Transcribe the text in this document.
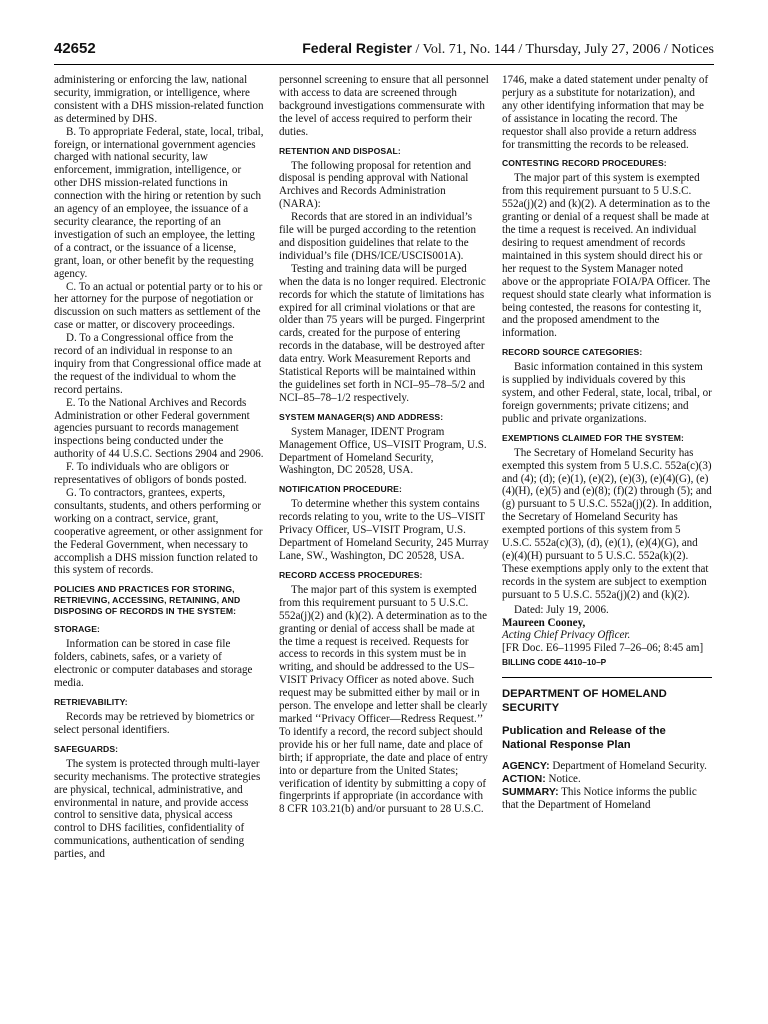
42652	Federal Register / Vol. 71, No. 144 / Thursday, July 27, 2006 / Notices

administering or enforcing the law, national security, immigration, or intelligence, where consistent with a DHS mission-related function as determined by DHS.

B. To appropriate Federal, state, local, tribal, foreign, or international government agencies charged with national security, law enforcement, immigration, intelligence, or other DHS mission-related functions in connection with the hiring or retention by such an agency of an employee, the issuance of a security clearance, the reporting of an investigation of such an employee, the letting of a contract, or the issuance of a license, grant, loan, or other benefit by the requesting agency.

C. To an actual or potential party or to his or her attorney for the purpose of negotiation or discussion on such matters as settlement of the case or matter, or discovery proceedings.

D. To a Congressional office from the record of an individual in response to an inquiry from that Congressional office made at the request of the individual to whom the record pertains.

E. To the National Archives and Records Administration or other Federal government agencies pursuant to records management inspections being conducted under the authority of 44 U.S.C. Sections 2904 and 2906.

F. To individuals who are obligors or representatives of obligors of bonds posted.

G. To contractors, grantees, experts, consultants, students, and others performing or working on a contract, service, grant, cooperative agreement, or other assignment for the Federal Government, when necessary to accomplish a DHS mission function related to this system of records.

POLICIES AND PRACTICES FOR STORING, RETRIEVING, ACCESSING, RETAINING, AND DISPOSING OF RECORDS IN THE SYSTEM:
STORAGE:

Information can be stored in case file folders, cabinets, safes, or a variety of electronic or computer databases and storage media.

RETRIEVABILITY:

Records may be retrieved by biometrics or select personal identifiers.

SAFEGUARDS:

The system is protected through multi-layer security mechanisms. The protective strategies are physical, technical, administrative, and environmental in nature, and provide access control to sensitive data, physical access control to DHS facilities, confidentiality of communications, authentication of sending parties, and

personnel screening to ensure that all personnel with access to data are screened through background investigations commensurate with the level of access required to perform their duties.

RETENTION AND DISPOSAL:

The following proposal for retention and disposal is pending approval with National Archives and Records Administration (NARA):

Records that are stored in an individual’s file will be purged according to the retention and disposition guidelines that relate to the individual’s file (DHS/ICE/USCIS001A).

Testing and training data will be purged when the data is no longer required. Electronic records for which the statute of limitations has expired for all criminal violations or that are older than 75 years will be purged. Fingerprint cards, created for the purpose of entering records in the database, will be destroyed after data entry. Work Measurement Reports and Statistical Reports will be maintained within the guidelines set forth in NCI–95–78–5/2 and NCI–85–78–1/2 respectively.

SYSTEM MANAGER(S) AND ADDRESS:

System Manager, IDENT Program Management Office, US–VISIT Program, U.S. Department of Homeland Security, Washington, DC 20528, USA.

NOTIFICATION PROCEDURE:

To determine whether this system contains records relating to you, write to the US–VISIT Privacy Officer, US–VISIT Program, U.S. Department of Homeland Security, 245 Murray Lane, SW., Washington, DC 20528, USA.

RECORD ACCESS PROCEDURES:

The major part of this system is exempted from this requirement pursuant to 5 U.S.C. 552a(j)(2) and (k)(2). A determination as to the granting or denial of access shall be made at the time a request is received. Requests for access to records in this system must be in writing, and should be addressed to the US–VISIT Privacy Officer as noted above. Such request may be submitted either by mail or in person. The envelope and letter shall be clearly marked ‘‘Privacy Officer—Redress Request.’’ To identify a record, the record subject should provide his or her full name, date and place of birth; if appropriate, the date and place of entry into or departure from the United States; verification of identity by submitting a copy of fingerprints if appropriate (in accordance with 8 CFR 103.21(b) and/or pursuant to 28 U.S.C.

1746, make a dated statement under penalty of perjury as a substitute for notarization), and any other identifying information that may be of assistance in locating the record. The requestor shall also provide a return address for transmitting the records to be released.

CONTESTING RECORD PROCEDURES:

The major part of this system is exempted from this requirement pursuant to 5 U.S.C. 552a(j)(2) and (k)(2). A determination as to the granting or denial of a request shall be made at the time a request is received. An individual desiring to request amendment of records maintained in this system should direct his or her request to the System Manager noted above or the appropriate FOIA/PA Officer. The request should state clearly what information is being contested, the reasons for contesting it, and the proposed amendment to the information.

RECORD SOURCE CATEGORIES:

Basic information contained in this system is supplied by individuals covered by this system, and other Federal, state, local, tribal, or foreign governments; private citizens; and public and private organizations.

EXEMPTIONS CLAIMED FOR THE SYSTEM:

The Secretary of Homeland Security has exempted this system from 5 U.S.C. 552a(c)(3) and (4); (d); (e)(1), (e)(2), (e)(3), (e)(4)(G), (e)(4)(H), (e)(5) and (e)(8); (f)(2) through (5); and (g) pursuant to 5 U.S.C. 552a(j)(2). In addition, the Secretary of Homeland Security has exempted portions of this system from 5 U.S.C. 552a(c)(3), (d), (e)(1), (e)(4)(G), and (e)(4)(H) pursuant to 5 U.S.C. 552a(k)(2). These exemptions apply only to the extent that records in the system are subject to exemption pursuant to 5 U.S.C. 552a(j)(2) and (k)(2).

Dated: July 19, 2006.

Maureen Cooney,

Acting Chief Privacy Officer.

[FR Doc. E6–11995 Filed 7–26–06; 8:45 am]

BILLING CODE 4410–10–P
DEPARTMENT OF HOMELAND SECURITY
Publication and Release of the National Response Plan

AGENCY: Department of Homeland Security.

ACTION: Notice.

SUMMARY: This Notice informs the public that the Department of Homeland
